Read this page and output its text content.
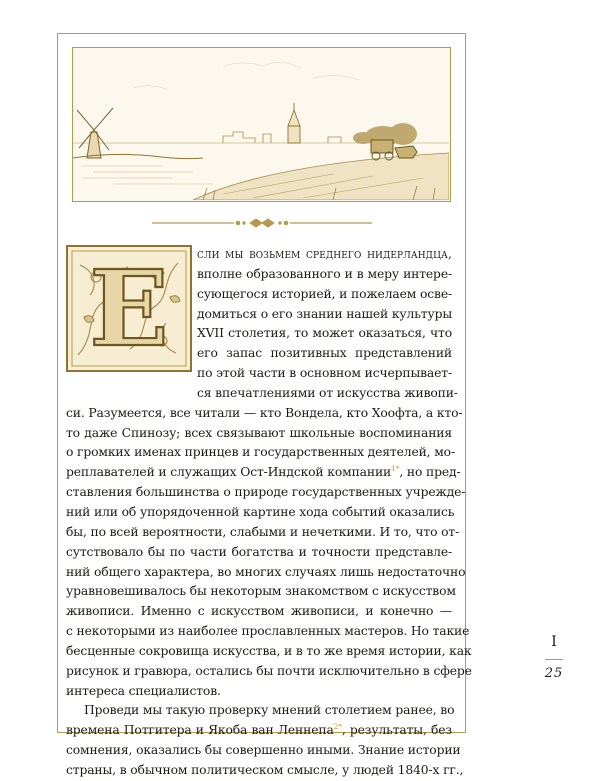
Е	сли мы возьмем среднего нидерландца,
вполне образованного и в меру интере-
сующегося историей, и пожелаем осве-
домиться о его знании нашей культуры
XVII столетия, то может оказаться, что
его запас позитивных представлений
по этой части в основном исчерпывает-
ся впечатлениями от искусства живопи-
си. Разумеется, все читали — кто Вондела, кто Хоофта, а кто-
то даже Спинозу; всех связывают школьные воспоминания
о громких именах принцев и государственных деятелей, мо-
реплавателей и служащих Ост-Индской компании$^{1*}$, но пред-
ставления большинства о природе государственных учрежде-
ний или об упорядоченной картине хода событий оказались
бы, по всей вероятности, слабыми и нечеткими. И то, что от-
сутствовало бы по части богатства и точности представле-
ний общего характера, во многих случаях лишь недостаточно
уравновешивалось бы некоторым знакомством с искусством
живописи. Именно с искусством живописи, и конечно —
с некоторыми из наиболее прославленных мастеров. Но такие
бесценные сокровища искусства, и в то же время истории, как
рисунок и гравюра, остались бы почти исключительно в сфере
интереса специалистов.

Проведи мы такую проверку мнений столетием ранее, во
времена Потгитера и Якоба ван Леннепа$^{2*}$, результаты, без
сомнения, оказались бы совершенно иными. Знание истории
страны, в обычном политическом смысле, у людей 1840-х гг.,

I
25
